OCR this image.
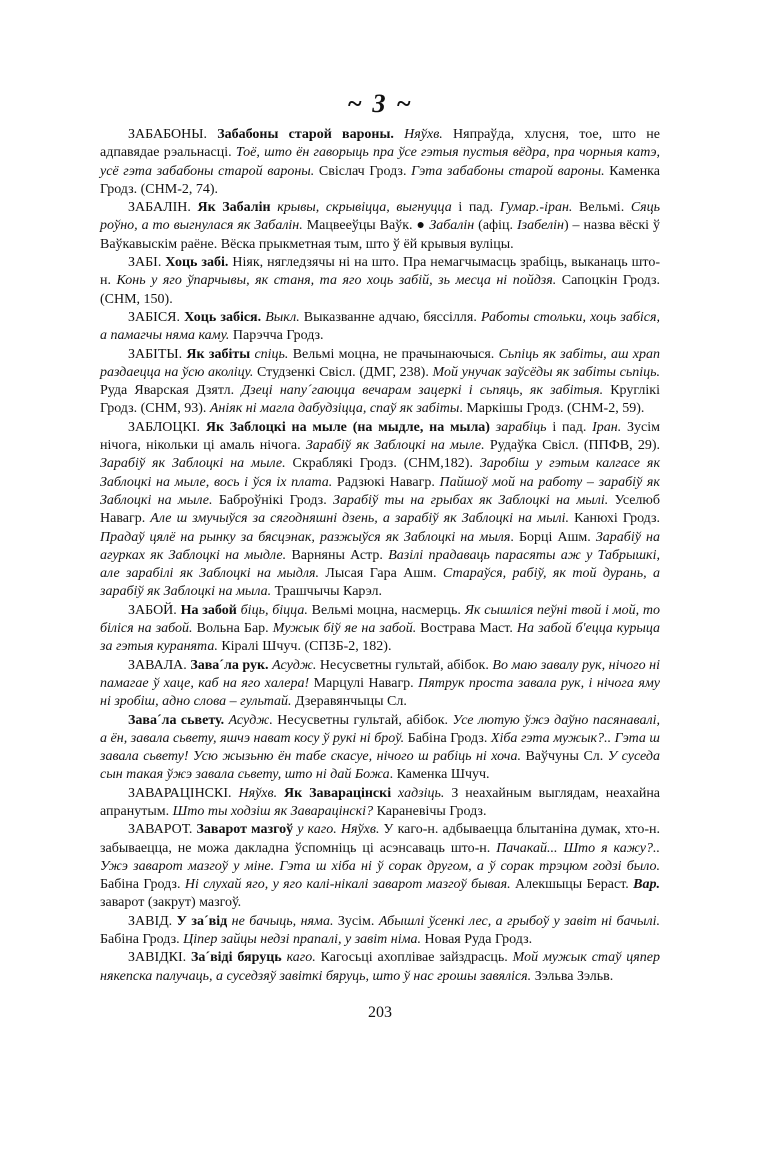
~ З ~

ЗАБАБОНЫ. Забабоны старой вароны. Няўхв. Няпраўда, хлусня, тое, што не адпавядае рэальнасці. Тоё, што ён гаворыць пра ўсе гэтыя пустыя вёдра, пра чорныя катэ, усё гэта забабоны старой вароны. Свіслач Гродз. Гэта забабоны старой вароны. Каменка Гродз. (СНМ-2, 74).

ЗАБАЛІН. Як Забалін крывы, скрывіцца, выгнуцца і пад. Гумар.-іран. Вельмі. Сяць роўно, а то выгнулася як Забалін. Мацвееўцы Ваўк. ● Забалін (афіц. Ізабелін) – назва вёскі ў Ваўкавыскім раёне. Вёска прыкметная тым, што ў ёй крывыя вуліцы.

ЗАБІ. Хоць забі. Ніяк, нягледзячы ні на што. Пра немагчымасць зрабіць, выканаць што-н. Конь у яго ўпарчывы, як станя, та яго хоць забій, зь месца ні пойдзя. Сапоцкін Гродз. (СНМ, 150).

ЗАБІСЯ. Хоць забіся. Выкл. Выказванне адчаю, бяссілля. Работы стольки, хоць забіся, а памагчы няма каму. Парэчча Гродз.

ЗАБІТЫ. Як забіты спіць. Вельмі моцна, не прачынаючыся. Сьпіць як забіты, аш храп раздаецца на ўсю аколіцу. Студзенкі Свісл. (ДМГ, 238). Мой унучак заўсёды як забіты сьпіць. Руда Яварская Дзятл. Дзеці напу´гаюцца вечарам зацеркі і сьпяць, як забітыя. Круглікі Гродз. (СНМ, 93). Аніяк ні магла дабудзіцца, спаў як забіты. Маркішы Гродз. (СНМ-2, 59).

ЗАБЛОЦКІ. Як Заблоцкі на мыле (на мыдле, на мыла) зарабіць і пад. Іран. Зусім нічога, нікольки ці амаль нічога. Зарабіў як Заблоцкі на мыле. Рудаўка Свісл. (ППФВ, 29). Зарабіў як Заблоцкі на мыле. Скраблякі Гродз. (СНМ,182). Заробіш у гэтым калгасе як Заблоцкі на мыле, вось і ўся іх плата. Радзюкі Навагр. Пайшоў мой на работу – зарабіў як Заблоцкі на мыле. Баброўнікі Гродз. Зарабіў ты на грыбах як Заблоцкі на мылі. Уселюб Навагр. Але ш змучыўся за сягодняшні дзень, а зарабіў як Заблоцкі на мылі. Канюхі Гродз. Прадаў цялё на рынку за бясцэнак, разжыўся як Заблоцкі на мыля. Борці Ашм. Зарабіў на агурках як Заблоцкі на мыдле. Варняны Астр. Вазілі прадаваць парасяты аж у Табрышкі, але зарабілі як Заблоцкі на мыдля. Лысая Гара Ашм. Стараўся, рабіў, як той дурань, а зарабіў як Заблоцкі на мыла. Трашчычы Карэл.

ЗАБОЙ. На забой біць, біцца. Вельмі моцна, насмерць. Як сышліся пеўні твой і мой, то біліся на забой. Вольна Бар. Мужык біў яе на забой. Вострава Маст. На забой б'еццa курыца за гэтыя куранята. Кіралі Шчуч. (СПЗБ-2, 182).

ЗАВАЛА. Зава´ла рук. Асудж. Несусветны гультай, абібок. Во маю завалу рук, нічого ні памагае ў хаце, каб на яго халера! Марцулі Навагр. Пятрук проста завала рук, і нічога яму ні зробіш, адно слова – гультай. Дзеравянчыцы Сл.

Зава´ла сьвету. Асудж. Несусветны гультай, абібок. Усе лютую ўжэ даўно пасянавалі, а ён, завала сьвету, яшчэ нават косу ў рукі ні броў. Бабіна Гродз. Хіба гэта мужык?.. Гэта ш завала сьвету! Усю жызьню ён табе скасуе, нічого ш рабіць ні хоча. Ваўчуны Сл. У суседа сын такая ўжэ завала сьвету, што ні дай Божа. Каменка Шчуч.

ЗАВАРАЦІНСКІ. Няўхв. Як Заварацінскі хадзіць. З неахайным выглядам, неахайна апранутым. Што ты ходзіш як Заварацінскі? Караневічы Гродз.

ЗАВАРОТ. Заварот мазгоў у каго. Няўхв. У каго-н. адбываецца блытаніна думак, хто-н. забываецца, не можа дакладна ўспомніць ці асэнсаваць што-н. Пачакай... Што я кажу?.. Ужэ заварот мазгоў у міне. Гэта ш хіба ні ў сорак другом, а ў сорак трэцюм годзі было. Бабіна Гродз. Ні слухай яго, у яго калі-нікалі заварот мазгоў бывая. Алекшыцы Бераст. Вар. заварот (закрут) мазгоў.

ЗАВІД. У за´від не бачыць, няма. Зусім. Абышлі ўсенкі лес, а грыбоў у завіт ні бачылі. Бабіна Гродз. Ціпер зайцы недзі прапалі, у завіт німа. Новая Руда Гродз.

ЗАВІДКІ. За´віді бяруць каго. Кагосьці ахопліваe зайздрасць. Мой мужык стаў цяпер някепска палучаць, а суседзяў завіткі бяруць, што ў нас грошы завяліся. Зэльва Зэльв.

203
